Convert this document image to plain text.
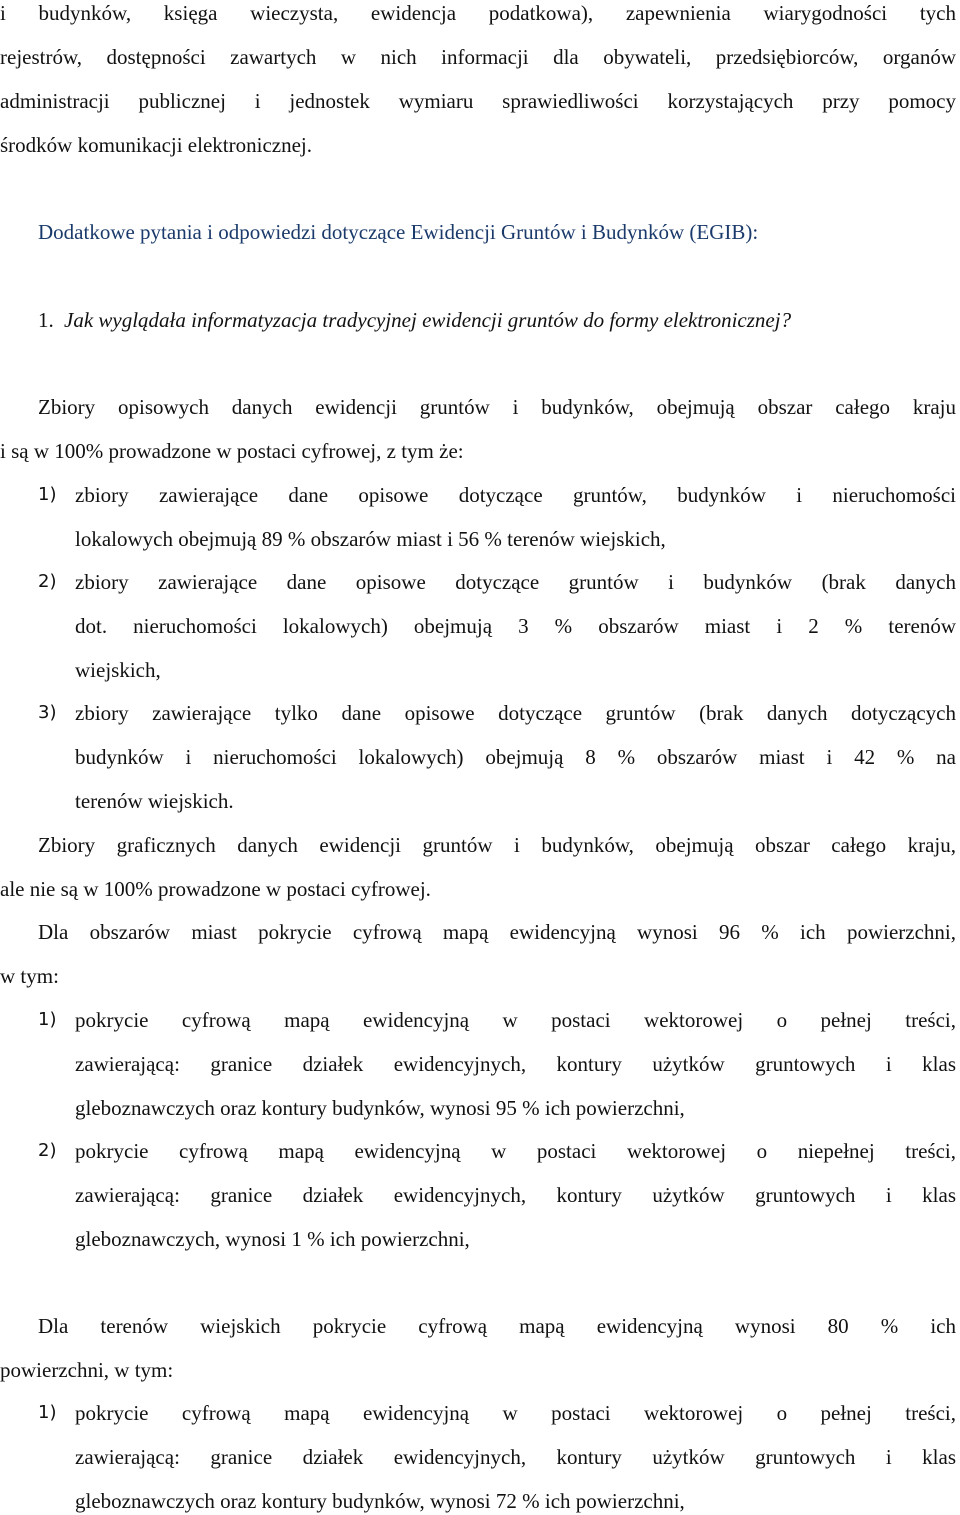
i budynków, księga wieczysta, ewidencja podatkowa), zapewnienia wiarygodności tych

rejestrów, dostępności zawartych w nich informacji dla obywateli, przedsiębiorców, organów

administracji publicznej i jednostek wymiaru sprawiedliwości korzystających przy pomocy

środków komunikacji elektronicznej.

Dodatkowe pytania i odpowiedzi dotyczące Ewidencji Gruntów i Budynków (EGIB):

1. Jak wyglądała informatyzacja tradycyjnej ewidencji gruntów do formy elektronicznej?

Zbiory opisowych danych ewidencji gruntów i budynków, obejmują obszar całego kraju

i są w 100% prowadzone w postaci cyfrowej, z tym że:

1) zbiory zawierające dane opisowe dotyczące gruntów, budynków i nieruchomości

lokalowych obejmują 89 % obszarów miast i 56 % terenów wiejskich,

2) zbiory zawierające dane opisowe dotyczące gruntów i budynków (brak danych

dot. nieruchomości lokalowych) obejmują 3 % obszarów miast i 2 % terenów

wiejskich,

3) zbiory zawierające tylko dane opisowe dotyczące gruntów (brak danych dotyczących

budynków i nieruchomości lokalowych) obejmują 8 % obszarów miast i 42 % na

terenów wiejskich.

Zbiory graficznych danych ewidencji gruntów i budynków, obejmują obszar całego kraju,

ale nie są w 100% prowadzone w postaci cyfrowej.

Dla obszarów miast pokrycie cyfrową mapą ewidencyjną wynosi 96 % ich powierzchni,

w tym:

1) pokrycie cyfrową mapą ewidencyjną w postaci wektorowej o pełnej treści,

zawierającą: granice działek ewidencyjnych, kontury użytków gruntowych i klas

gleboznawczych oraz kontury budynków, wynosi 95 % ich powierzchni,

2) pokrycie cyfrową mapą ewidencyjną w postaci wektorowej o niepełnej treści,

zawierającą: granice działek ewidencyjnych, kontury użytków gruntowych i klas

gleboznawczych, wynosi 1 % ich powierzchni,

Dla terenów wiejskich pokrycie cyfrową mapą ewidencyjną wynosi 80 % ich

powierzchni, w tym:

1) pokrycie cyfrową mapą ewidencyjną w postaci wektorowej o pełnej treści,

zawierającą: granice działek ewidencyjnych, kontury użytków gruntowych i klas

gleboznawczych oraz kontury budynków, wynosi 72 % ich powierzchni,
